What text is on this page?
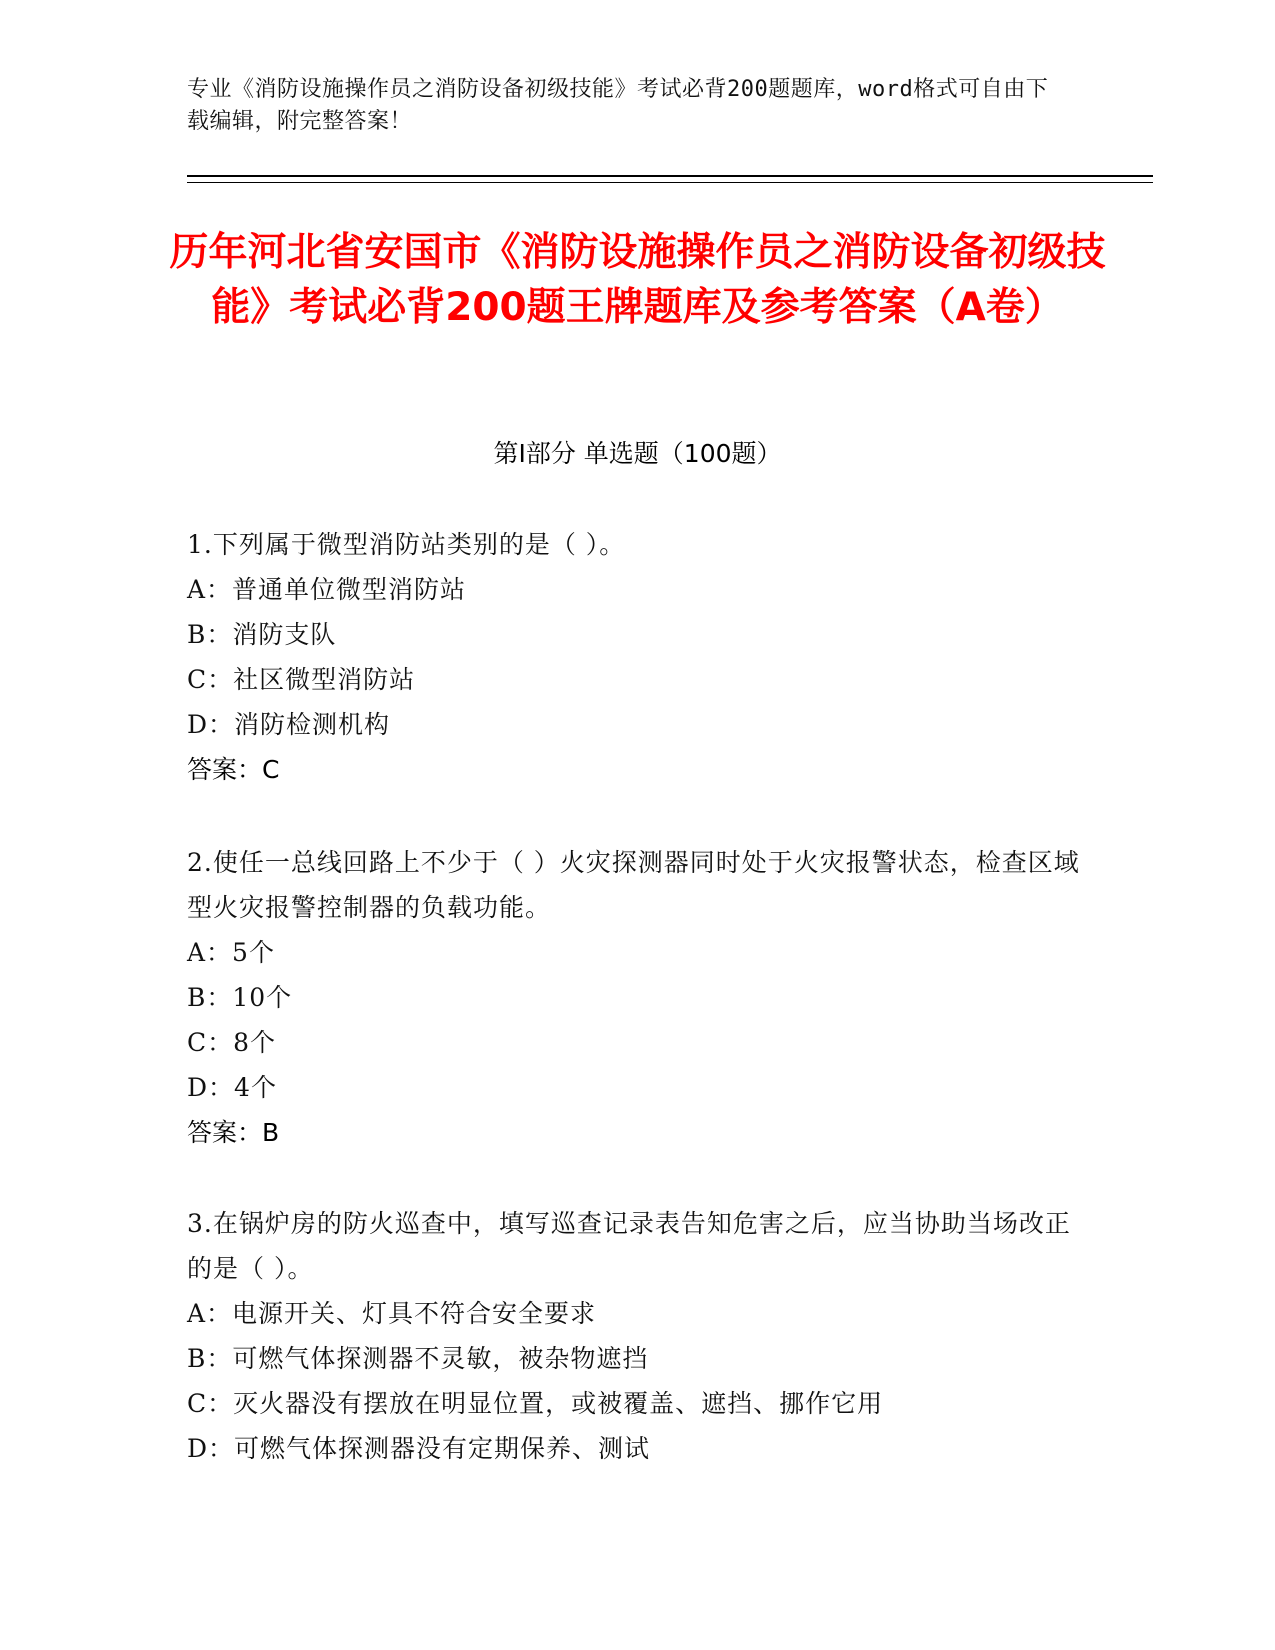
专业《消防设施操作员之消防设备初级技能》考试必背200题题库，word格式可自由下载编辑，附完整答案！
历年河北省安国市《消防设施操作员之消防设备初级技能》考试必背200题王牌题库及参考答案（A卷）
第I部分 单选题（100题）
1.下列属于微型消防站类别的是（ ）。
A：普通单位微型消防站
B：消防支队
C：社区微型消防站
D：消防检测机构
答案：C
2.使任一总线回路上不少于（ ）火灾探测器同时处于火灾报警状态，检查区域型火灾报警控制器的负载功能。
A：5个
B：10个
C：8个
D：4个
答案：B
3.在锅炉房的防火巡查中，填写巡查记录表告知危害之后，应当协助当场改正的是（ ）。
A：电源开关、灯具不符合安全要求
B：可燃气体探测器不灵敏，被杂物遮挡
C：灭火器没有摆放在明显位置，或被覆盖、遮挡、挪作它用
D：可燃气体探测器没有定期保养、测试
